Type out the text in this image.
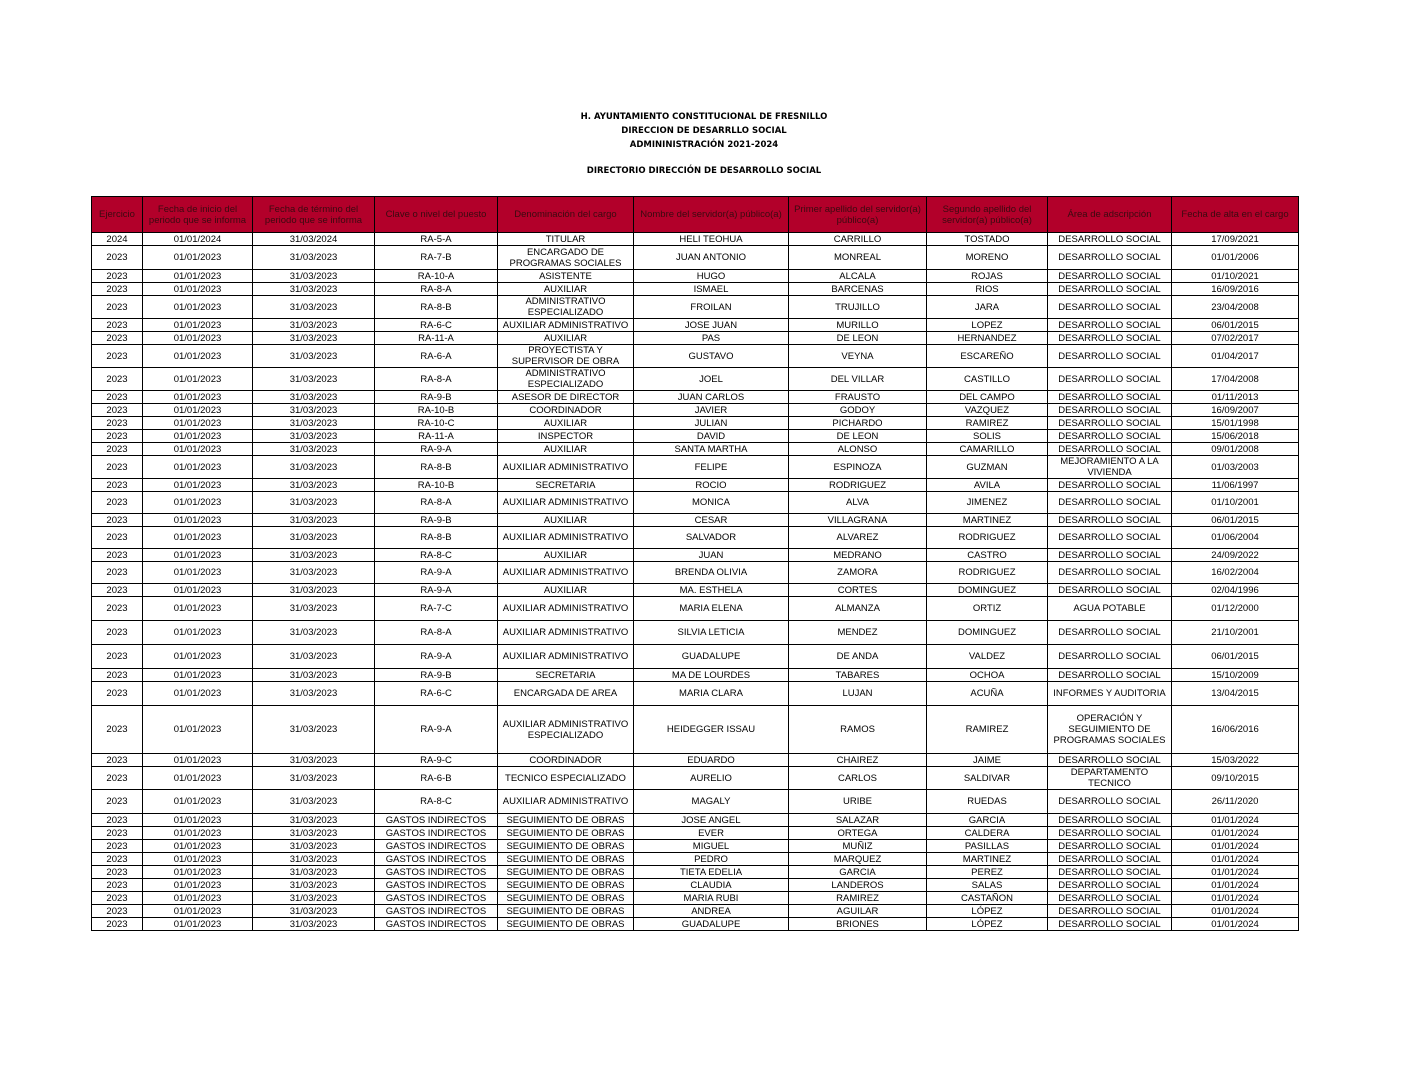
H. AYUNTAMIENTO CONSTITUCIONAL DE FRESNILLO
DIRECCION DE DESARRLLO SOCIAL
ADMININISTRACIÓN 2021-2024
DIRECTORIO DIRECCIÓN DE DESARROLLO SOCIAL
Ejercicio	Fecha de inicio del periodo que se informa	Fecha de término del periodo que se informa	Clave o nivel del puesto	Denominación del cargo	Nombre del servidor(a) público(a)	Primer apellido del servidor(a) público(a)	Segundo apellido del servidor(a) público(a)	Área de adscripción	Fecha de alta en el cargo
2024	01/01/2024	31/03/2024	RA-5-A	TITULAR	HELI TEOHUA	CARRILLO	TOSTADO	DESARROLLO SOCIAL	17/09/2021
2023	01/01/2023	31/03/2023	RA-7-B	ENCARGADO DE PROGRAMAS SOCIALES	JUAN ANTONIO	MONREAL	MORENO	DESARROLLO SOCIAL	01/01/2006
2023	01/01/2023	31/03/2023	RA-10-A	ASISTENTE	HUGO	ALCALA	ROJAS	DESARROLLO SOCIAL	01/10/2021
2023	01/01/2023	31/03/2023	RA-8-A	AUXILIAR	ISMAEL	BARCENAS	RIOS	DESARROLLO SOCIAL	16/09/2016
2023	01/01/2023	31/03/2023	RA-8-B	ADMINISTRATIVO ESPECIALIZADO	FROILAN	TRUJILLO	JARA	DESARROLLO SOCIAL	23/04/2008
2023	01/01/2023	31/03/2023	RA-6-C	AUXILIAR ADMINISTRATIVO	JOSE JUAN	MURILLO	LOPEZ	DESARROLLO SOCIAL	06/01/2015
2023	01/01/2023	31/03/2023	RA-11-A	AUXILIAR	PAS	DE LEON	HERNANDEZ	DESARROLLO SOCIAL	07/02/2017
2023	01/01/2023	31/03/2023	RA-6-A	PROYECTISTA Y SUPERVISOR DE OBRA	GUSTAVO	VEYNA	ESCAREÑO	DESARROLLO SOCIAL	01/04/2017
2023	01/01/2023	31/03/2023	RA-8-A	ADMINISTRATIVO ESPECIALIZADO	JOEL	DEL VILLAR	CASTILLO	DESARROLLO SOCIAL	17/04/2008
2023	01/01/2023	31/03/2023	RA-9-B	ASESOR DE DIRECTOR	JUAN CARLOS	FRAUSTO	DEL CAMPO	DESARROLLO SOCIAL	01/11/2013
2023	01/01/2023	31/03/2023	RA-10-B	COORDINADOR	JAVIER	GODOY	VAZQUEZ	DESARROLLO SOCIAL	16/09/2007
2023	01/01/2023	31/03/2023	RA-10-C	AUXILIAR	JULIAN	PICHARDO	RAMIREZ	DESARROLLO SOCIAL	15/01/1998
2023	01/01/2023	31/03/2023	RA-11-A	INSPECTOR	DAVID	DE LEON	SOLIS	DESARROLLO SOCIAL	15/06/2018
2023	01/01/2023	31/03/2023	RA-9-A	AUXILIAR	SANTA MARTHA	ALONSO	CAMARILLO	DESARROLLO SOCIAL	09/01/2008
2023	01/01/2023	31/03/2023	RA-8-B	AUXILIAR ADMINISTRATIVO	FELIPE	ESPINOZA	GUZMAN	MEJORAMIENTO A LA VIVIENDA	01/03/2003
2023	01/01/2023	31/03/2023	RA-10-B	SECRETARIA	ROCIO	RODRIGUEZ	AVILA	DESARROLLO SOCIAL	11/06/1997
2023	01/01/2023	31/03/2023	RA-8-A	AUXILIAR ADMINISTRATIVO	MONICA	ALVA	JIMENEZ	DESARROLLO SOCIAL	01/10/2001
2023	01/01/2023	31/03/2023	RA-9-B	AUXILIAR	CESAR	VILLAGRANA	MARTINEZ	DESARROLLO SOCIAL	06/01/2015
2023	01/01/2023	31/03/2023	RA-8-B	AUXILIAR ADMINISTRATIVO	SALVADOR	ALVAREZ	RODRIGUEZ	DESARROLLO SOCIAL	01/06/2004
2023	01/01/2023	31/03/2023	RA-8-C	AUXILIAR	JUAN	MEDRANO	CASTRO	DESARROLLO SOCIAL	24/09/2022
2023	01/01/2023	31/03/2023	RA-9-A	AUXILIAR ADMINISTRATIVO	BRENDA OLIVIA	ZAMORA	RODRIGUEZ	DESARROLLO SOCIAL	16/02/2004
2023	01/01/2023	31/03/2023	RA-9-A	AUXILIAR	MA. ESTHELA	CORTES	DOMINGUEZ	DESARROLLO SOCIAL	02/04/1996
2023	01/01/2023	31/03/2023	RA-7-C	AUXILIAR ADMINISTRATIVO	MARIA ELENA	ALMANZA	ORTIZ	AGUA POTABLE	01/12/2000
2023	01/01/2023	31/03/2023	RA-8-A	AUXILIAR ADMINISTRATIVO	SILVIA LETICIA	MENDEZ	DOMINGUEZ	DESARROLLO SOCIAL	21/10/2001
2023	01/01/2023	31/03/2023	RA-9-A	AUXILIAR ADMINISTRATIVO	GUADALUPE	DE ANDA	VALDEZ	DESARROLLO SOCIAL	06/01/2015
2023	01/01/2023	31/03/2023	RA-9-B	SECRETARIA	MA DE LOURDES	TABARES	OCHOA	DESARROLLO SOCIAL	15/10/2009
2023	01/01/2023	31/03/2023	RA-6-C	ENCARGADA DE AREA	MARIA CLARA	LUJAN	ACUÑA	INFORMES Y AUDITORIA	13/04/2015
2023	01/01/2023	31/03/2023	RA-9-A	AUXILIAR ADMINISTRATIVO ESPECIALIZADO	HEIDEGGER ISSAU	RAMOS	RAMIREZ	OPERACIÓN Y SEGUIMIENTO DE PROGRAMAS SOCIALES	16/06/2016
2023	01/01/2023	31/03/2023	RA-9-C	COORDINADOR	EDUARDO	CHAIREZ	JAIME	DESARROLLO SOCIAL	15/03/2022
2023	01/01/2023	31/03/2023	RA-6-B	TECNICO ESPECIALIZADO	AURELIO	CARLOS	SALDIVAR	DEPARTAMENTO TECNICO	09/10/2015
2023	01/01/2023	31/03/2023	RA-8-C	AUXILIAR ADMINISTRATIVO	MAGALY	URIBE	RUEDAS	DESARROLLO SOCIAL	26/11/2020
2023	01/01/2023	31/03/2023	GASTOS INDIRECTOS	SEGUIMIENTO DE OBRAS	JOSE ANGEL	SALAZAR	GARCIA	DESARROLLO SOCIAL	01/01/2024
2023	01/01/2023	31/03/2023	GASTOS INDIRECTOS	SEGUIMIENTO DE OBRAS	EVER	ORTEGA	CALDERA	DESARROLLO SOCIAL	01/01/2024
2023	01/01/2023	31/03/2023	GASTOS INDIRECTOS	SEGUIMIENTO DE OBRAS	MIGUEL	MUÑIZ	PASILLAS	DESARROLLO SOCIAL	01/01/2024
2023	01/01/2023	31/03/2023	GASTOS INDIRECTOS	SEGUIMIENTO DE OBRAS	PEDRO	MARQUEZ	MARTINEZ	DESARROLLO SOCIAL	01/01/2024
2023	01/01/2023	31/03/2023	GASTOS INDIRECTOS	SEGUIMIENTO DE OBRAS	TIETA EDELIA	GARCIA	PEREZ	DESARROLLO SOCIAL	01/01/2024
2023	01/01/2023	31/03/2023	GASTOS INDIRECTOS	SEGUIMIENTO DE OBRAS	CLAUDIA	LANDEROS	SALAS	DESARROLLO SOCIAL	01/01/2024
2023	01/01/2023	31/03/2023	GASTOS INDIRECTOS	SEGUIMIENTO DE OBRAS	MARIA RUBI	RAMIREZ	CASTAÑON	DESARROLLO SOCIAL	01/01/2024
2023	01/01/2023	31/03/2023	GASTOS INDIRECTOS	SEGUIMIENTO DE OBRAS	ANDREA	AGUILAR	LÓPEZ	DESARROLLO SOCIAL	01/01/2024
2023	01/01/2023	31/03/2023	GASTOS INDIRECTOS	SEGUIMIENTO DE OBRAS	GUADALUPE	BRIONES	LÓPEZ	DESARROLLO SOCIAL	01/01/2024
